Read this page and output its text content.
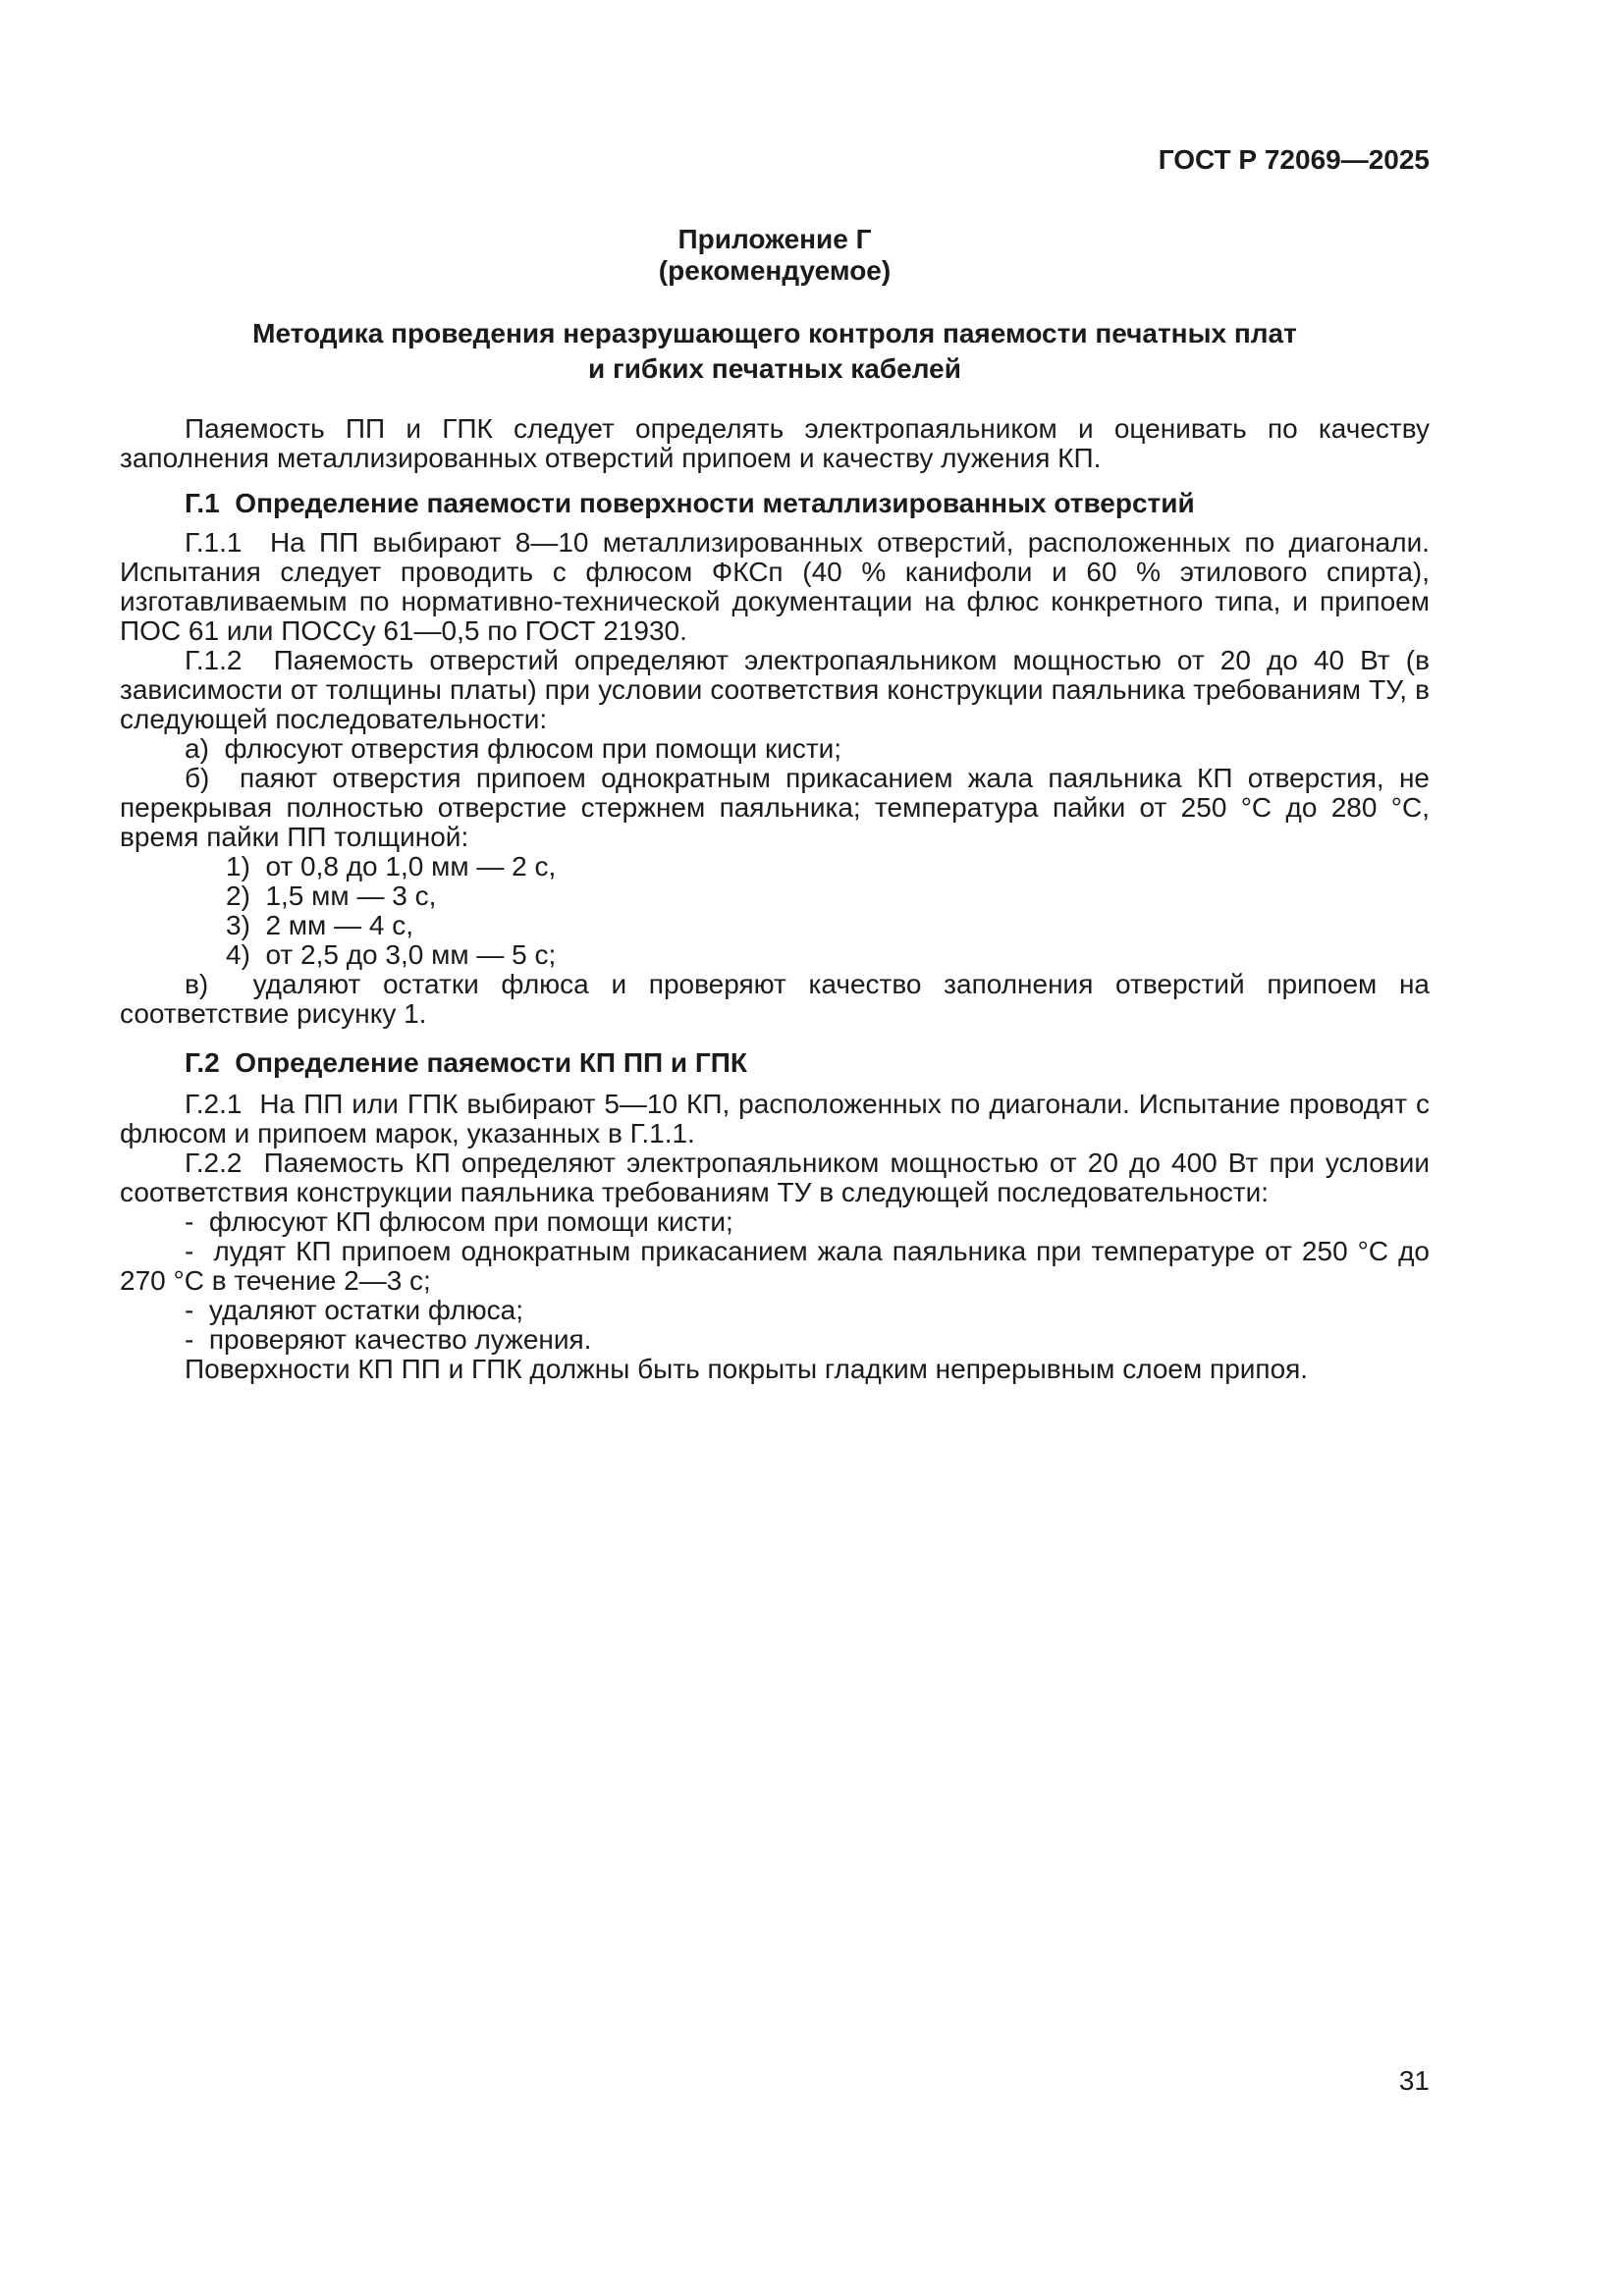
ГОСТ Р 72069—2025
Приложение Г
(рекомендуемое)
Методика проведения неразрушающего контроля паяемости печатных плат
и гибких печатных кабелей

Паяемость ПП и ГПК следует определять электропаяльником и оценивать по качеству заполнения металлизированных отверстий припоем и качеству лужения КП.

Г.1  Определение паяемости поверхности металлизированных отверстий

Г.1.1  На ПП выбирают 8—10 металлизированных отверстий, расположенных по диагонали. Испытания следует проводить с флюсом ФКСп (40 % канифоли и 60 % этилового спирта), изготавливаемым по нормативно-технической документации на флюс конкретного типа, и припоем ПОС 61 или ПОССу 61—0,5 по ГОСТ 21930.

Г.1.2  Паяемость отверстий определяют электропаяльником мощностью от 20 до 40 Вт (в зависимости от толщины платы) при условии соответствия конструкции паяльника требованиям ТУ, в следующей последовательности:

а)  флюсуют отверстия флюсом при помощи кисти;

б)  паяют отверстия припоем однократным прикасанием жала паяльника КП отверстия, не перекрывая полностью отверстие стержнем паяльника; температура пайки от 250 °С до 280 °С, время пайки ПП толщиной:

1)  от 0,8 до 1,0 мм — 2 с,

2)  1,5 мм — 3 с,

3)  2 мм — 4 с,

4)  от 2,5 до 3,0 мм — 5 с;

в)  удаляют остатки флюса и проверяют качество заполнения отверстий припоем на соответствие рисунку 1.

Г.2  Определение паяемости КП ПП и ГПК

Г.2.1  На ПП или ГПК выбирают 5—10 КП, расположенных по диагонали. Испытание проводят с флюсом и припоем марок, указанных в Г.1.1.

Г.2.2  Паяемость КП определяют электропаяльником мощностью от 20 до 400 Вт при условии соответствия конструкции паяльника требованиям ТУ в следующей последовательности:

-  флюсуют КП флюсом при помощи кисти;

-  лудят КП припоем однократным прикасанием жала паяльника при температуре от 250 °С до 270 °С в течение 2—3 с;

-  удаляют остатки флюса;

-  проверяют качество лужения.

Поверхности КП ПП и ГПК должны быть покрыты гладким непрерывным слоем припоя.

31
